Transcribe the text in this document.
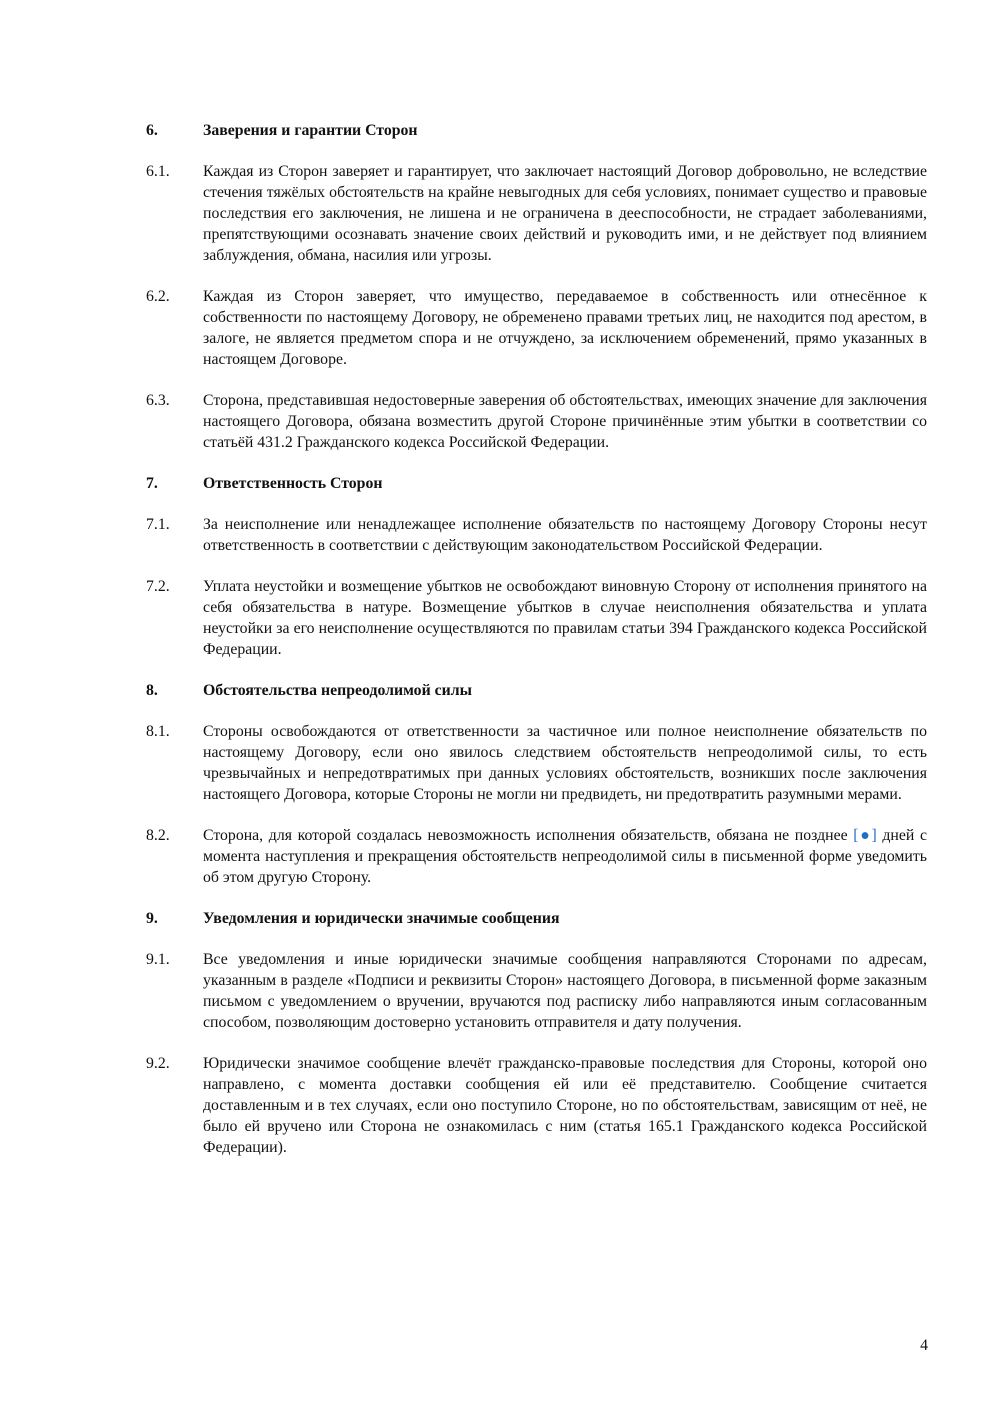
6.	Заверения и гарантии Сторон
6.1.	Каждая из Сторон заверяет и гарантирует, что заключает настоящий Договор добровольно, не вследствие стечения тяжёлых обстоятельств на крайне невыгодных для себя условиях, понимает существо и правовые последствия его заключения, не лишена и не ограничена в дееспособности, не страдает заболеваниями, препятствующими осознавать значение своих действий и руководить ими, и не действует под влиянием заблуждения, обмана, насилия или угрозы.
6.2.	Каждая из Сторон заверяет, что имущество, передаваемое в собственность или отнесённое к собственности по настоящему Договору, не обременено правами третьих лиц, не находится под арестом, в залоге, не является предметом спора и не отчуждено, за исключением обременений, прямо указанных в настоящем Договоре.
6.3.	Сторона, представившая недостоверные заверения об обстоятельствах, имеющих значение для заключения настоящего Договора, обязана возместить другой Стороне причинённые этим убытки в соответствии со статьёй 431.2 Гражданского кодекса Российской Федерации.
7.	Ответственность Сторон
7.1.	За неисполнение или ненадлежащее исполнение обязательств по настоящему Договору Стороны несут ответственность в соответствии с действующим законодательством Российской Федерации.
7.2.	Уплата неустойки и возмещение убытков не освобождают виновную Сторону от исполнения принятого на себя обязательства в натуре. Возмещение убытков в случае неисполнения обязательства и уплата неустойки за его неисполнение осуществляются по правилам статьи 394 Гражданского кодекса Российской Федерации.
8.	Обстоятельства непреодолимой силы
8.1.	Стороны освобождаются от ответственности за частичное или полное неисполнение обязательств по настоящему Договору, если оно явилось следствием обстоятельств непреодолимой силы, то есть чрезвычайных и непредотвратимых при данных условиях обстоятельств, возникших после заключения настоящего Договора, которые Стороны не могли ни предвидеть, ни предотвратить разумными мерами.
8.2.	Сторона, для которой создалась невозможность исполнения обязательств, обязана не позднее [●] дней с момента наступления и прекращения обстоятельств непреодолимой силы в письменной форме уведомить об этом другую Сторону.
9.	Уведомления и юридически значимые сообщения
9.1.	Все уведомления и иные юридически значимые сообщения направляются Сторонами по адресам, указанным в разделе «Подписи и реквизиты Сторон» настоящего Договора, в письменной форме заказным письмом с уведомлением о вручении, вручаются под расписку либо направляются иным согласованным способом, позволяющим достоверно установить отправителя и дату получения.
9.2.	Юридически значимое сообщение влечёт гражданско-правовые последствия для Стороны, которой оно направлено, с момента доставки сообщения ей или её представителю. Сообщение считается доставленным и в тех случаях, если оно поступило Стороне, но по обстоятельствам, зависящим от неё, не было ей вручено или Сторона не ознакомилась с ним (статья 165.1 Гражданского кодекса Российской Федерации).
4
